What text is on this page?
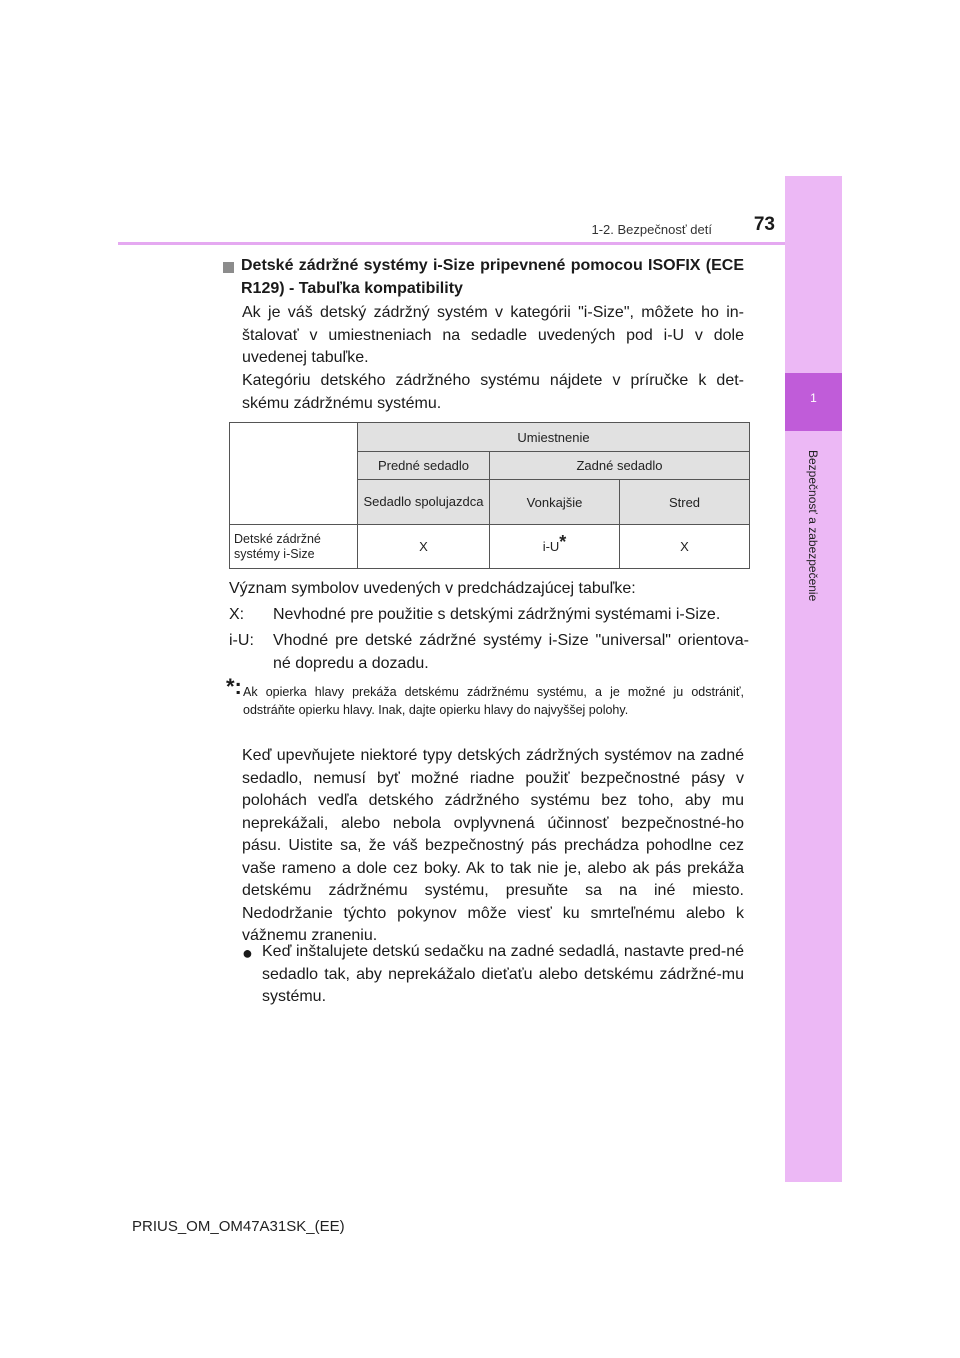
1-2. Bezpečnosť detí	73
1
Bezpečnosť a zabezpečenie
Detské zádržné systémy i-Size pripevnené pomocou ISOFIX (ECE R129) - Tabuľka kompatibility
Ak je váš detský zádržný systém v kategórii "i-Size", môžete ho in-štalovať v umiestneniach na sedadle uvedených pod i-U v dole uvedenej tabuľke.
Kategóriu detského zádržného systému nájdete v príručke k det-skému zádržnému systému.
	Umiestnenie		
	Predné sedadlo	Zadné sedadlo	
	Sedadlo spolujazdca	Vonkajšie	Stred
Detské zádržné systémy i-Size	X	i-U*	X
Význam symbolov uvedených v predchádzajúcej tabuľke:
X: Nevhodné pre použitie s detskými zádržnými systémami i-Size.
i-U: Vhodné pre detské zádržné systémy i-Size "universal" orientova-né dopredu a dozadu.
*: Ak opierka hlavy prekáža detskému zádržnému systému, a je možné ju odstrániť, odstráňte opierku hlavy. Inak, dajte opierku hlavy do najvyššej polohy.
Keď upevňujete niektoré typy detských zádržných systémov na zadné sedadlo, nemusí byť možné riadne použiť bezpečnostné pásy v polohách vedľa detského zádržného systému bez toho, aby mu neprekážali, alebo nebola ovplyvnená účinnosť bezpečnostné-ho pásu. Uistite sa, že váš bezpečnostný pás prechádza pohodlne cez vaše rameno a dole cez boky. Ak to tak nie je, alebo ak pás prekáža detskému zádržnému systému, presuňte sa na iné miesto. Nedodržanie týchto pokynov môže viesť ku smrteľnému alebo k vážnemu zraneniu.
● Keď inštalujete detskú sedačku na zadné sedadlá, nastavte pred-né sedadlo tak, aby neprekážalo dieťaťu alebo detskému zádržné-mu systému.
PRIUS_OM_OM47A31SK_(EE)
